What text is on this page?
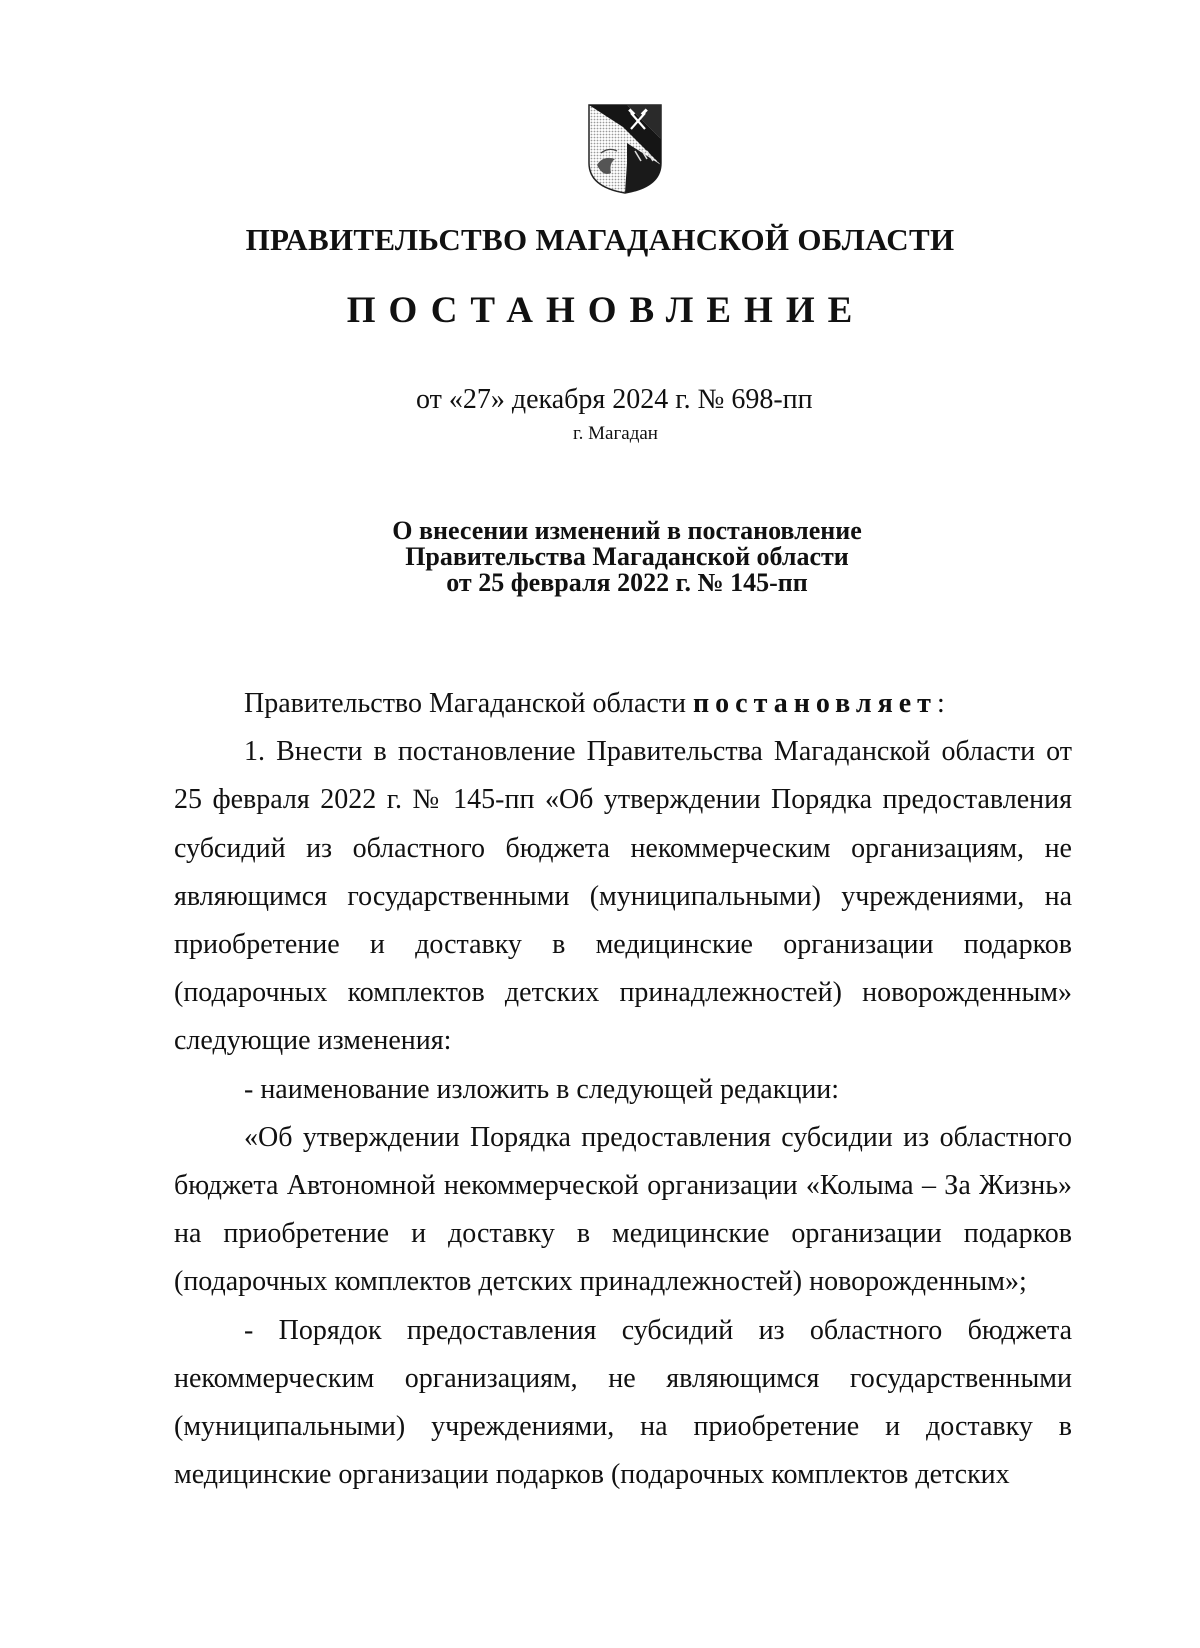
ПРАВИТЕЛЬСТВО МАГАДАНСКОЙ ОБЛАСТИ
ПОСТАНОВЛЕНИЕ
от «27» декабря 2024 г. № 698-пп
г. Магадан
О внесении изменений в постановление
Правительства Магаданской области
от 25 февраля 2022 г. № 145-пп

Правительство Магаданской области постановляет:

1. Внести в постановление Правительства Магаданской области от 25 февраля 2022 г. № 145-пп «Об утверждении Порядка предоставления субсидий из областного бюджета некоммерческим организациям, не являющимся государственными (муниципальными) учреждениями, на приобретение и доставку в медицинские организации подарков (подарочных комплектов детских принадлежностей) новорожденным» следующие изменения:

- наименование изложить в следующей редакции:

«Об утверждении Порядка предоставления субсидии из областного бюджета Автономной некоммерческой организации «Колыма – За Жизнь» на приобретение и доставку в медицинские организации подарков (подарочных комплектов детских принадлежностей) новорожденным»;

- Порядок предоставления субсидий из областного бюджета некоммерческим организациям, не являющимся государственными (муниципальными) учреждениями, на приобретение и доставку в медицинские организации подарков (подарочных комплектов детских
